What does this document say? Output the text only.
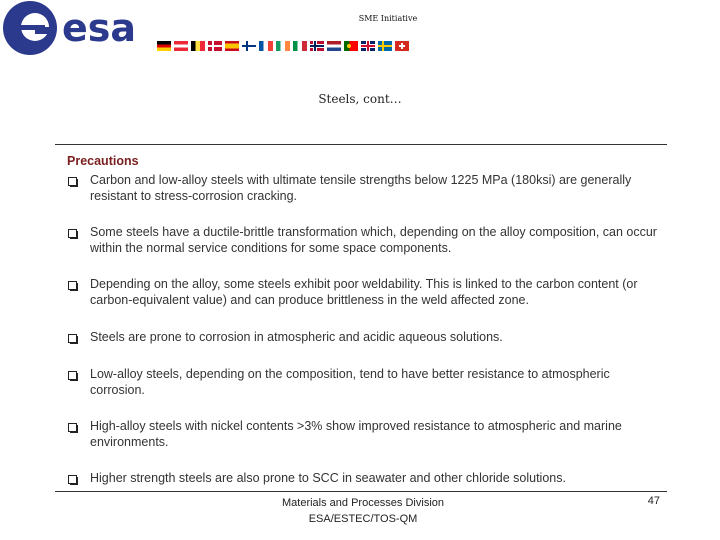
esa	SME Initiative
Steels, cont…
Precautions
Carbon and low-alloy steels with ultimate tensile strengths below 1225 MPa (180ksi) are generally resistant to stress-corrosion cracking.
Some steels have a ductile-brittle transformation which, depending on the alloy composition, can occur within the normal service conditions for some space components.
Depending on the alloy, some steels exhibit poor weldability. This is linked to the carbon content (or carbon-equivalent value) and can produce brittleness in the weld affected zone.
Steels are prone to corrosion in atmospheric and acidic aqueous solutions.
Low-alloy steels, depending on the composition, tend to have better resistance to atmospheric corrosion.
High-alloy steels with nickel contents >3% show improved resistance to atmospheric and marine environments.
Higher strength steels are also prone to SCC in seawater and other chloride solutions.
Materials and Processes Division
ESA/ESTEC/TOS-QM
47
